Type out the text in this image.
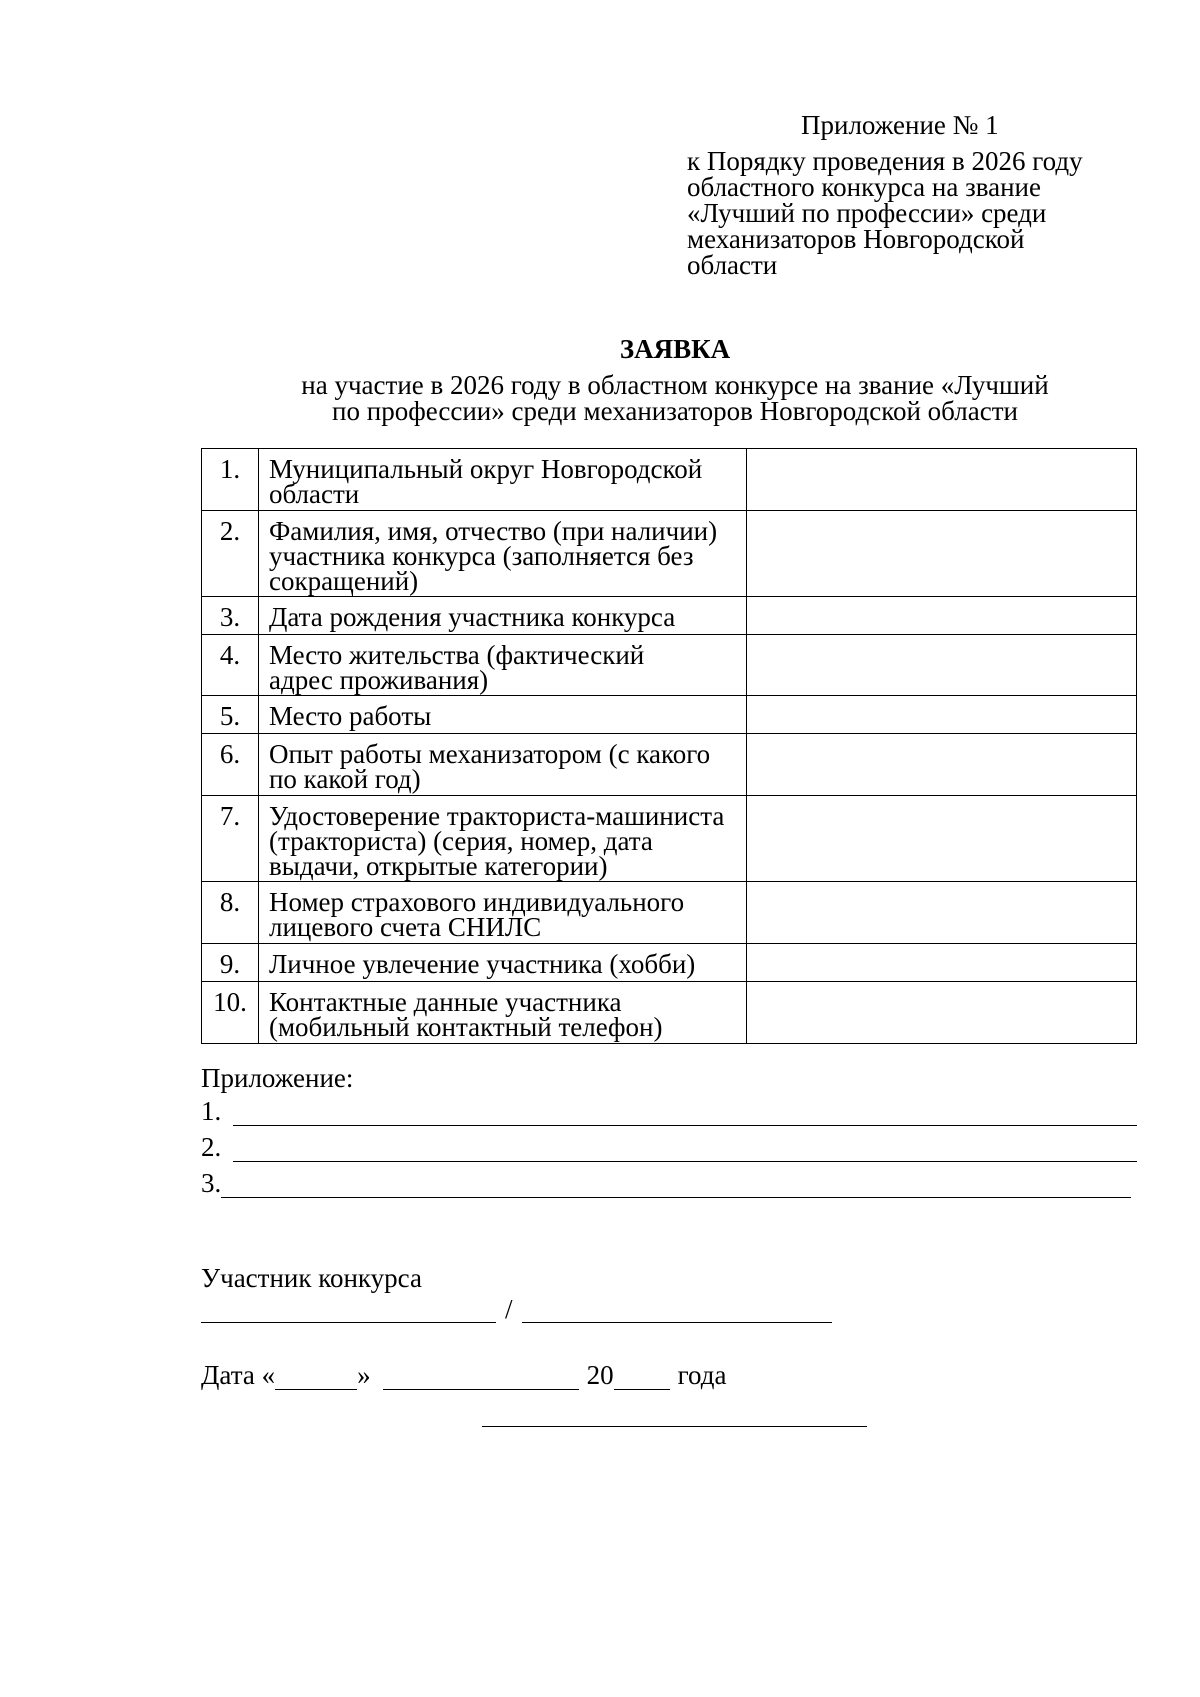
Приложение № 1
к Порядку проведения в 2026 году
областного конкурса на звание
«Лучший по профессии» среди
механизаторов Новгородской
области
ЗАЯВКА
на участие в 2026 году в областном конкурсе на звание «Лучший
по профессии» среди механизаторов Новгородской области
1.	Муниципальный округ Новгородской
области	

2.	Фамилия, имя, отчество (при наличии)
участника конкурса (заполняется без
сокращений)	

3.	Дата рождения участника конкурса	

4.	Место жительства (фактический
адрес проживания)	

5.	Место работы	

6.	Опыт работы механизатором (с какого
по какой год)	

7.	Удостоверение тракториста-машиниста
(тракториста) (серия, номер, дата
выдачи, открытые категории)	

8.	Номер страхового индивидуального
лицевого счета СНИЛС	

9.	Личное увлечение участника (хобби)	

10.	Контактные данные участника
(мобильный контактный телефон)	

Приложение:
1.
2.
3.
Участник конкурса
/
Дата «	»	20 года
